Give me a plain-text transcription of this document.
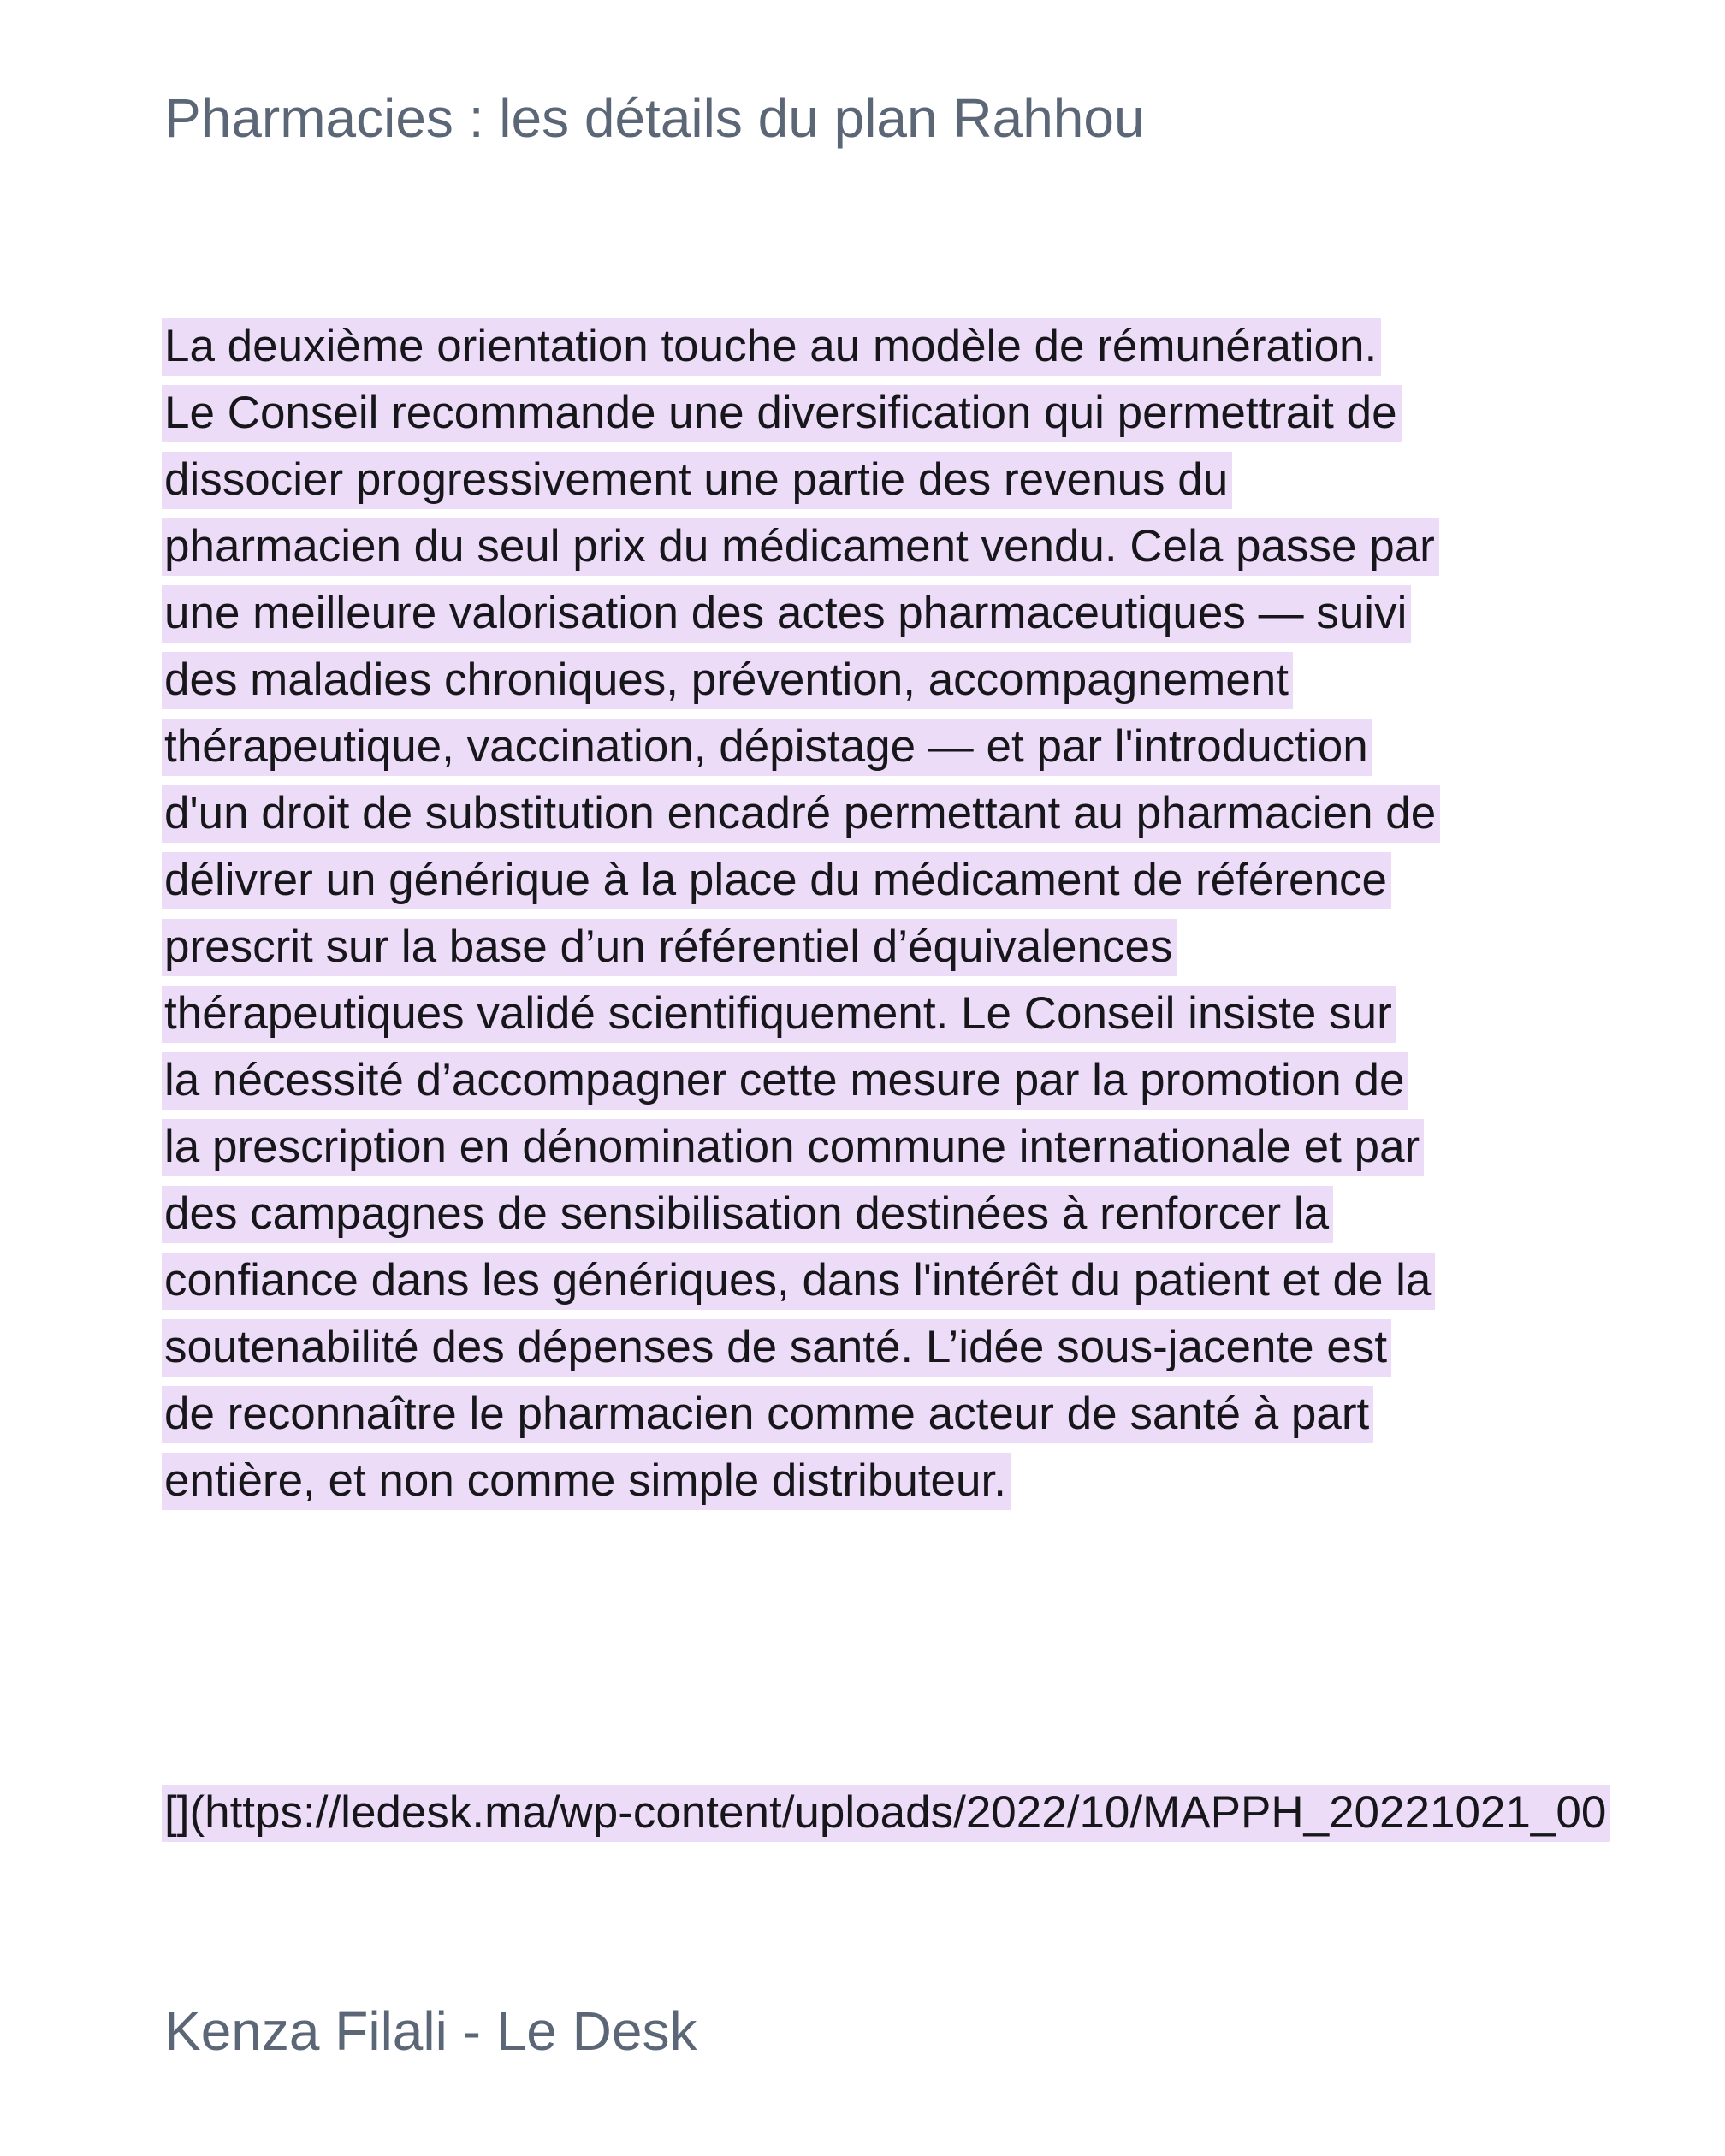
Pharmacies : les détails du plan Rahhou

La deuxième orientation touche au modèle de rémunération. Le Conseil recommande une diversification qui permettrait de dissocier progressivement une partie des revenus du pharmacien du seul prix du médicament vendu. Cela passe par une meilleure valorisation des actes pharmaceutiques — suivi des maladies chroniques, prévention, accompagnement thérapeutique, vaccination, dépistage — et par l'introduction d'un droit de substitution encadré permettant au pharmacien de délivrer un générique à la place du médicament de référence prescrit sur la base d’un référentiel d’équivalences thérapeutiques validé scientifiquement. Le Conseil insiste sur la nécessité d’accompagner cette mesure par la promotion de la prescription en dénomination commune internationale et par des campagnes de sensibilisation destinées à renforcer la confiance dans les génériques, dans l'intérêt du patient et de la soutenabilité des dépenses de santé. L’idée sous-jacente est de reconnaître le pharmacien comme acteur de santé à part entière, et non comme simple distributeur.

[](https://ledesk.ma/wp-content/uploads/2022/10/MAPPH_20221021_00

Kenza Filali - Le Desk
